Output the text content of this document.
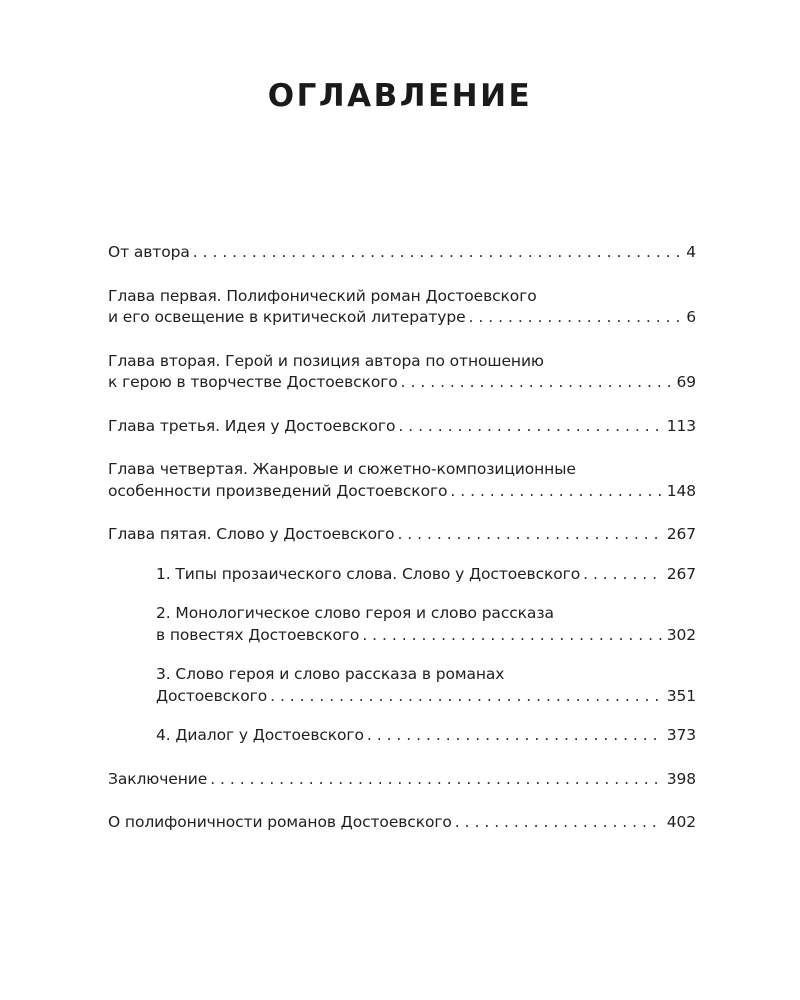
ОГЛАВЛЕНИЕ
От автора . . .	4
Глава первая. Полифонический роман Достоевского
и его освещение в критической литературе . . .	6
Глава вторая. Герой и позиция автора по отношению
к герою в творчестве Достоевского . . .	69
Глава третья. Идея у Достоевского . . .	113
Глава четвертая. Жанровые и сюжетно-композиционные
особенности произведений Достоевского . . .	148
Глава пятая. Слово у Достоевского . . .	267
1. Типы прозаического слова. Слово у Достоевского . . .	267
2. Монологическое слово героя и слово рассказа
в повестях Достоевского . . .	302
3. Слово героя и слово рассказа в романах
Достоевского . . .	351
4. Диалог у Достоевского . . .	373
Заключение . . .	398
О полифоничности романов Достоевского . . .	402
